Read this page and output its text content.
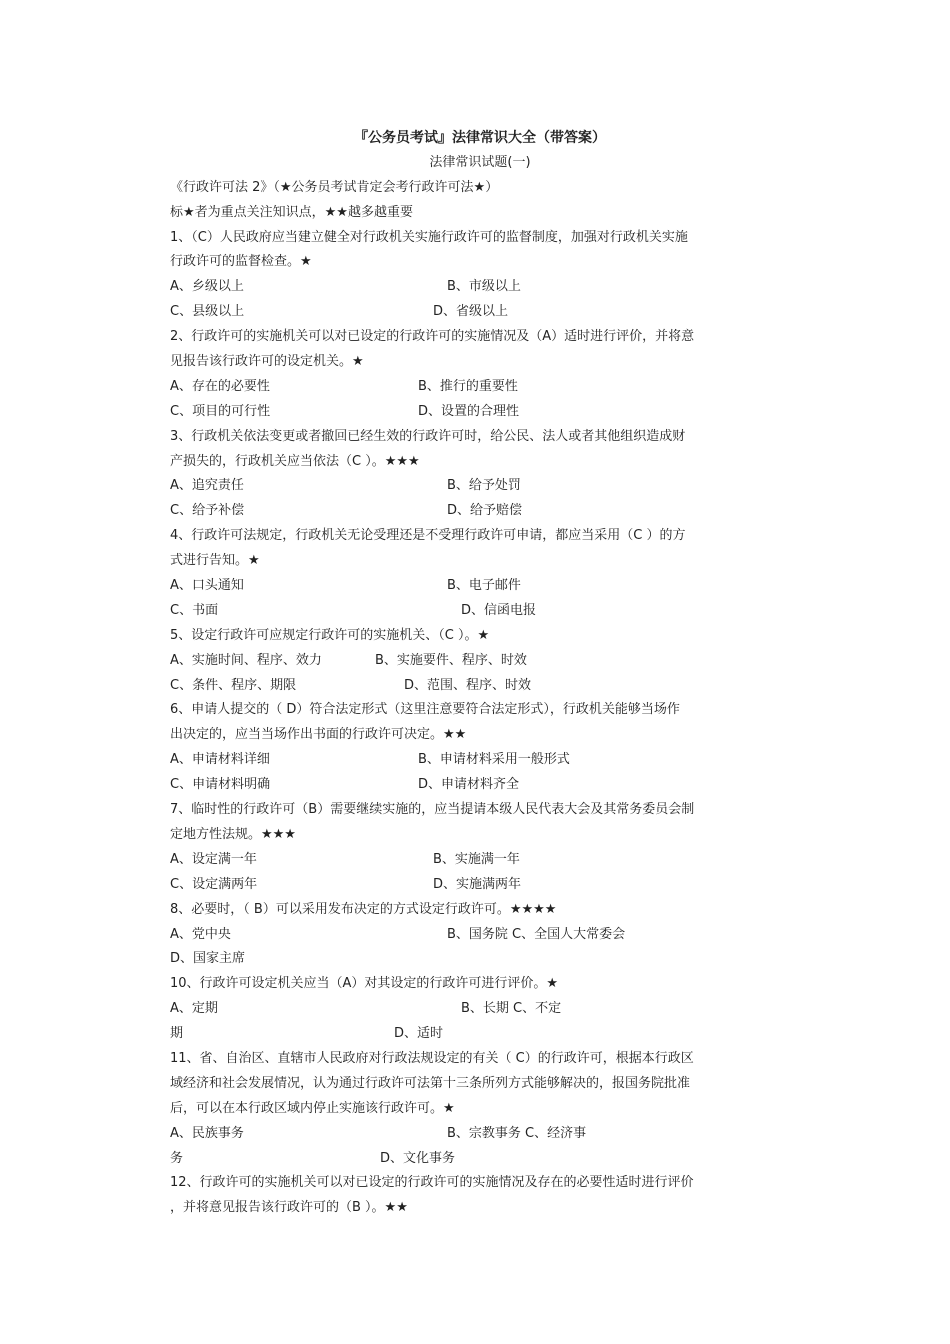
『公务员考试』法律常识大全（带答案）
法律常识试题(一)
《行政许可法 2》（★公务员考试肯定会考行政许可法★）
标★者为重点关注知识点，★★越多越重要
1、（C）人民政府应当建立健全对行政机关实施行政许可的监督制度，加强对行政机关实施
行政许可的监督检查。★

A、乡级以上

	B、市级以上

C、县级以上

	D、省级以上

2、行政许可的实施机关可以对已设定的行政许可的实施情况及（A）适时进行评价，并将意
见报告该行政许可的设定机关。★

A、存在的必要性

	B、推行的重要性

C、项目的可行性

	D、设置的合理性

3、行政机关依法变更或者撤回已经生效的行政许可时，给公民、法人或者其他组织造成财
产损失的，行政机关应当依法（C ）。★★★

A、追究责任

	B、给予处罚

C、给予补偿

	D、给予赔偿

4、行政许可法规定，行政机关无论受理还是不受理行政许可申请，都应当采用（C ）的方
式进行告知。★

A、口头通知

	B、电子邮件

C、书面

	D、信函电报

5、设定行政许可应规定行政许可的实施机关、（C ）。★

A、实施时间、程序、效力

	B、实施要件、程序、时效

C、条件、程序、期限

	D、范围、程序、时效

6、申请人提交的（ D）符合法定形式（这里注意要符合法定形式），行政机关能够当场作
出决定的，应当当场作出书面的行政许可决定。★★

A、申请材料详细

	B、申请材料采用一般形式

C、申请材料明确

	D、申请材料齐全

7、临时性的行政许可（B）需要继续实施的，应当提请本级人民代表大会及其常务委员会制
定地方性法规。★★★

A、设定满一年

	B、实施满一年

C、设定满两年

	D、实施满两年

8、必要时，（ B）可以采用发布决定的方式设定行政许可。★★★★

A、党中央

	B、国务院 C、全国人大常委会

D、国家主席
10、行政许可设定机关应当（A）对其设定的行政许可进行评价。★

A、定期

	B、长期 C、不定

期

	D、适时

11、省、自治区、直辖市人民政府对行政法规设定的有关（ C）的行政许可，根据本行政区
域经济和社会发展情况，认为通过行政许可法第十三条所列方式能够解决的，报国务院批准
后，可以在本行政区域内停止实施该行政许可。★

A、民族事务

	B、宗教事务 C、经济事

务

	D、文化事务

12、行政许可的实施机关可以对已设定的行政许可的实施情况及存在的必要性适时进行评价
，并将意见报告该行政许可的（B ）。★★
